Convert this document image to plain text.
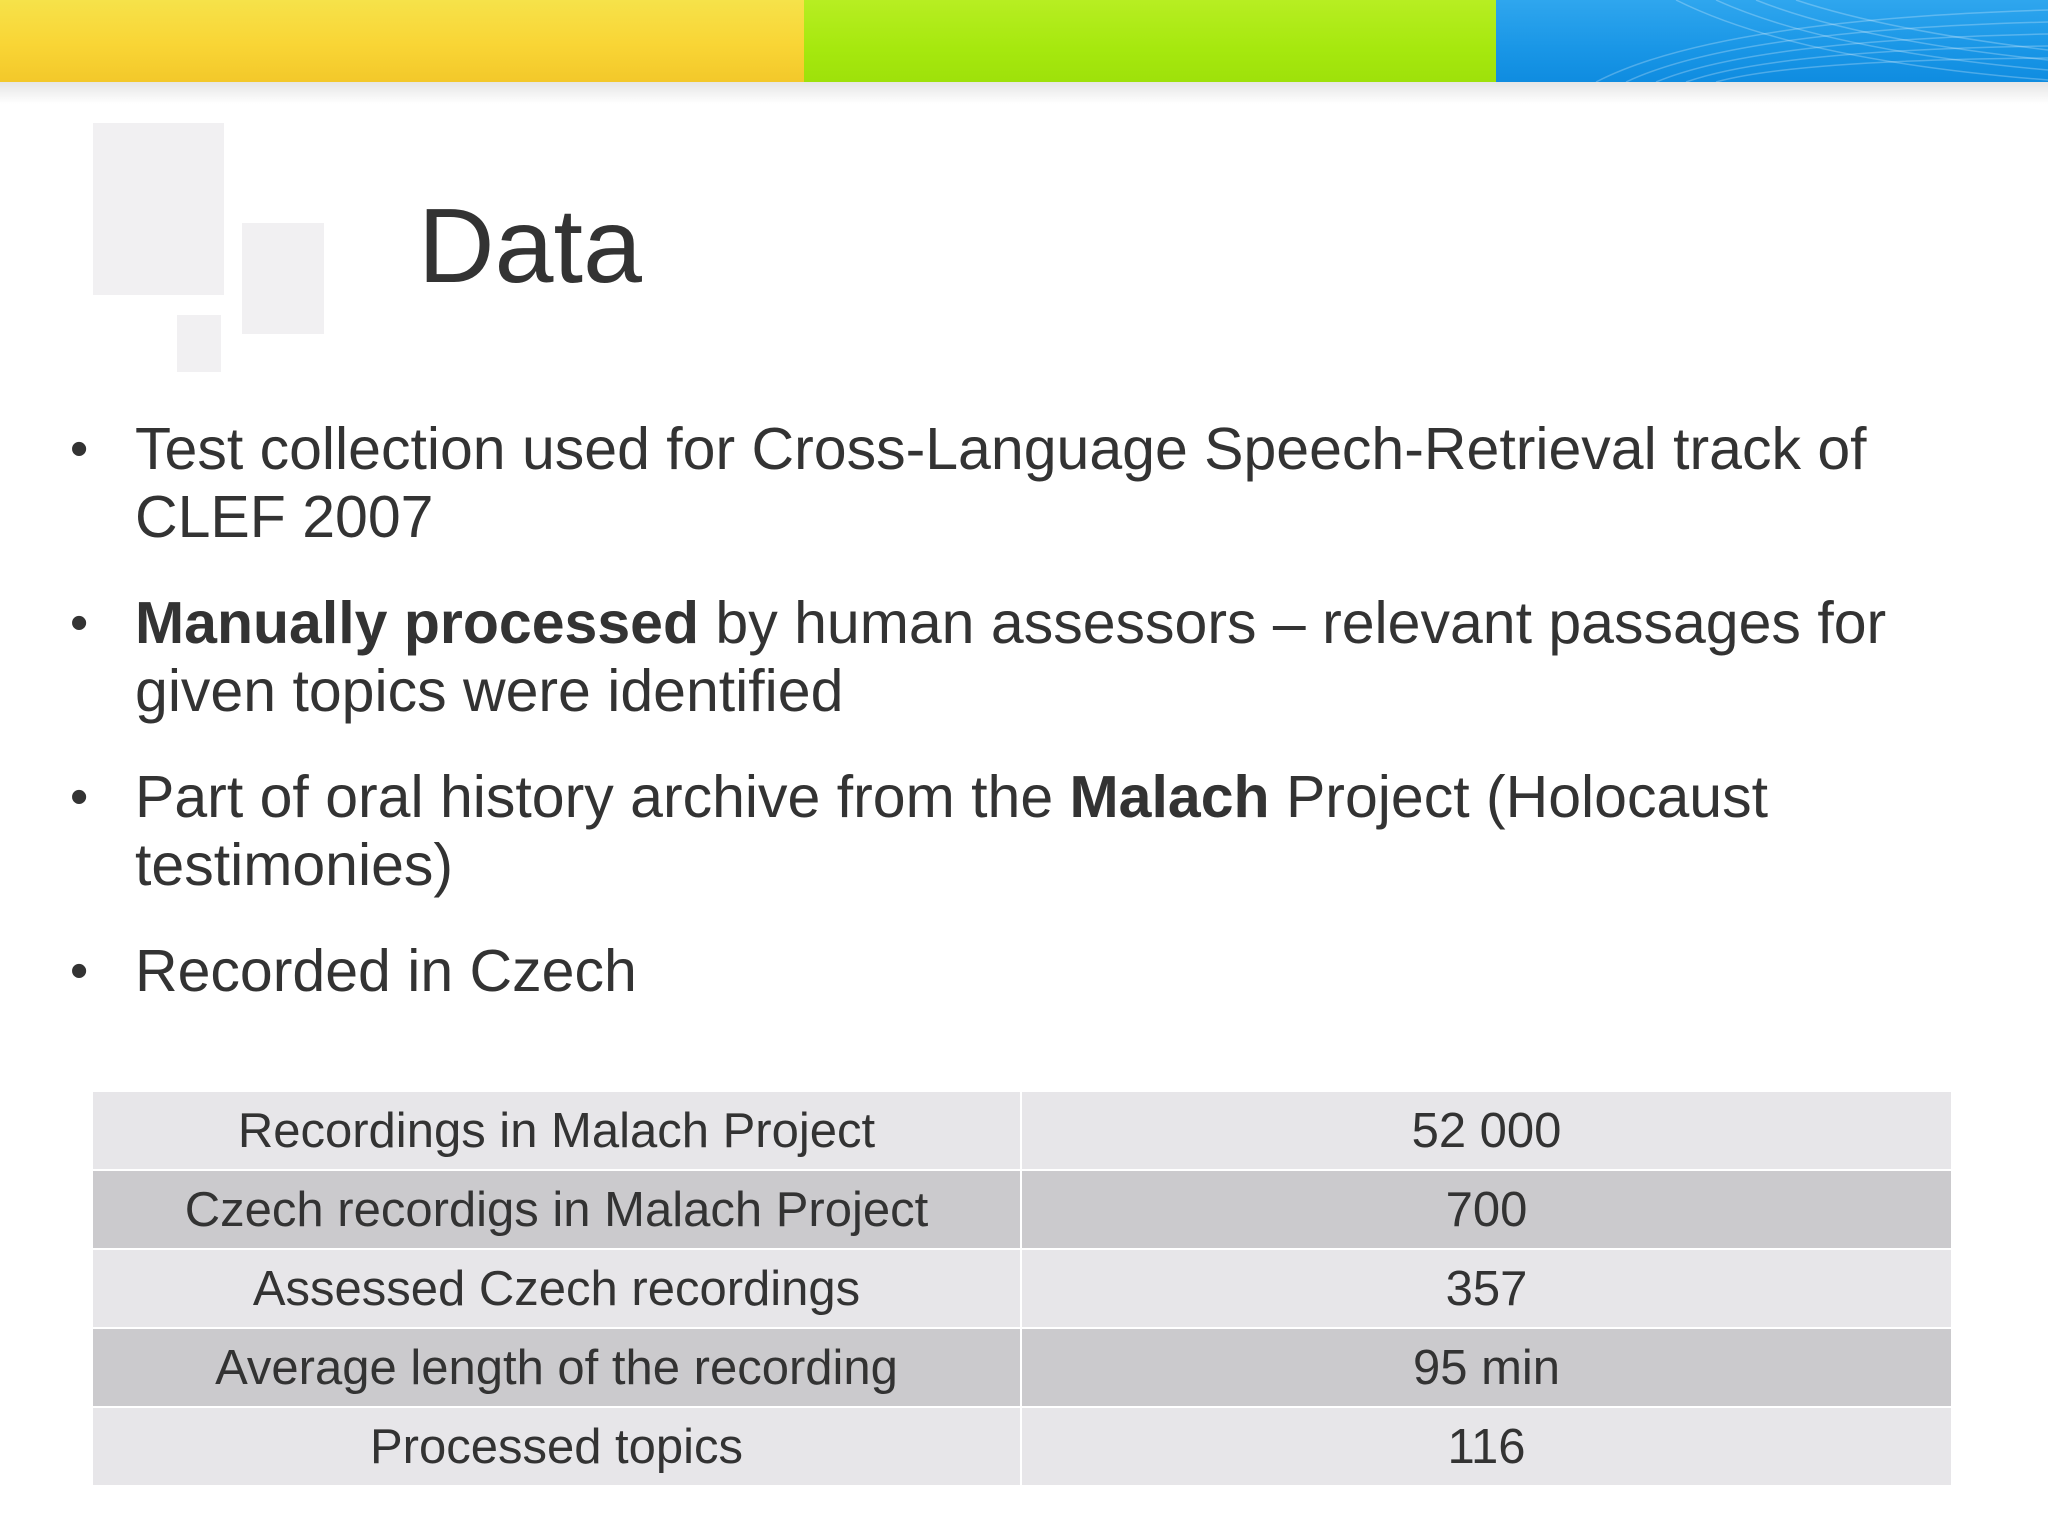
Data
• Test collection used for Cross-Language Speech-Retrieval track of CLEF 2007
• Manually processed by human assessors – relevant passages for given topics were identified
• Part of oral history archive from the Malach Project (Holocaust testimonies)
• Recorded in Czech
Recordings in Malach Project	52 000
Czech recordigs in Malach Project	700
Assessed Czech recordings	357
Average length of the recording	95 min
Processed topics	116
